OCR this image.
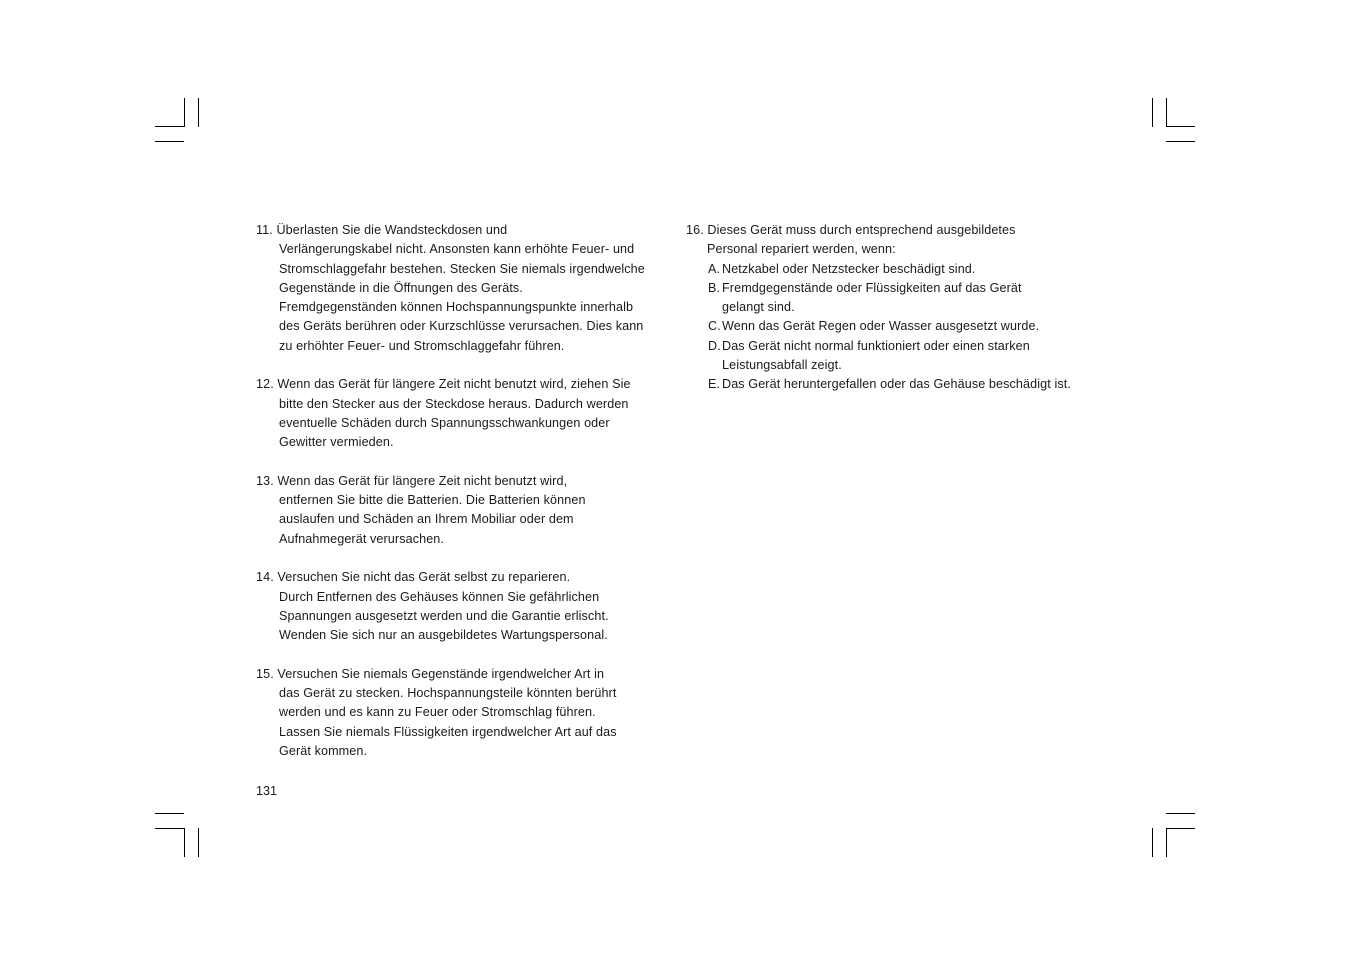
11. Überlasten Sie die Wandsteckdosen und
Verlängerungskabel nicht. Ansonsten kann erhöhte Feuer- und
Stromschlaggefahr bestehen. Stecken Sie niemals irgendwelche
Gegenstände in die Öffnungen des Geräts.
Fremdgegenständen können Hochspannungspunkte innerhalb
des Geräts berühren oder Kurzschlüsse verursachen. Dies kann
zu erhöhter Feuer- und Stromschlaggefahr führen.
12. Wenn das Gerät für längere Zeit nicht benutzt wird, ziehen Sie
bitte den Stecker aus der Steckdose heraus. Dadurch werden
eventuelle Schäden durch Spannungsschwankungen oder
Gewitter vermieden.
13. Wenn das Gerät für längere Zeit nicht benutzt wird,
entfernen Sie bitte die Batterien. Die Batterien können
auslaufen und Schäden an Ihrem Mobiliar oder dem
Aufnahmegerät verursachen.
14. Versuchen Sie nicht das Gerät selbst zu reparieren.
Durch Entfernen des Gehäuses können Sie gefährlichen
Spannungen ausgesetzt werden und die Garantie erlischt.
Wenden Sie sich nur an ausgebildetes Wartungspersonal.
15. Versuchen Sie niemals Gegenstände irgendwelcher Art in
das Gerät zu stecken. Hochspannungsteile könnten berührt
werden und es kann zu Feuer oder Stromschlag führen.
Lassen Sie niemals Flüssigkeiten irgendwelcher Art auf das
Gerät kommen.
16. Dieses Gerät muss durch entsprechend ausgebildetes
Personal repariert werden, wenn:
A. Netzkabel oder Netzstecker beschädigt sind.
B. Fremdgegenstände oder Flüssigkeiten auf das Gerät
gelangt sind.
C.Wenn das Gerät Regen oder Wasser ausgesetzt wurde.
D.Das Gerät nicht normal funktioniert oder einen starken
Leistungsabfall zeigt.
E. Das Gerät heruntergefallen oder das Gehäuse beschädigt ist.
131
